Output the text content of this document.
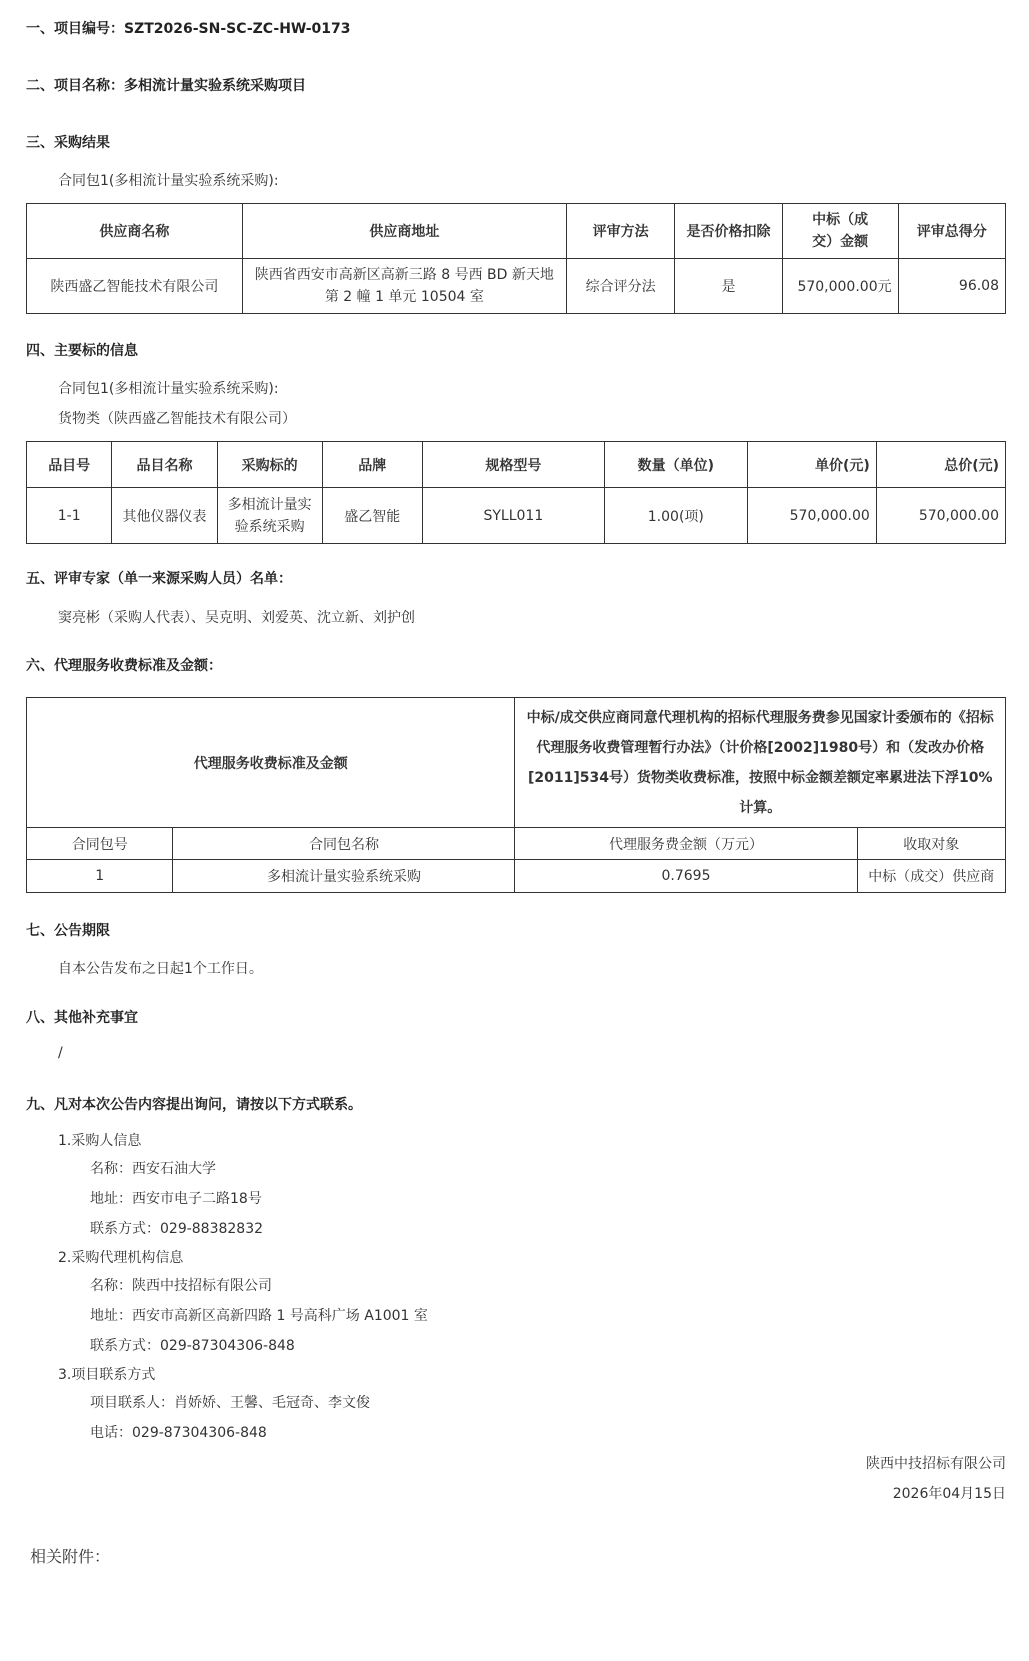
一、项目编号：SZT2026-SN-SC-ZC-HW-0173
二、项目名称：多相流计量实验系统采购项目
三、采购结果
合同包1(多相流计量实验系统采购):
供应商名称	供应商地址	评审方法	是否价格扣除	中标（成交）金额	评审总得分
陕西盛乙智能技术有限公司	陕西省西安市高新区高新三路 8 号西 BD 新天地第 2 幢 1 单元 10504 室	综合评分法	是	570,000.00元	96.08
四、主要标的信息
合同包1(多相流计量实验系统采购):
货物类（陕西盛乙智能技术有限公司）
品目号	品目名称	采购标的	品牌	规格型号	数量（单位)	单价(元)	总价(元)
1-1	其他仪器仪表	多相流计量实验系统采购	盛乙智能	SYLL011	1.00(项)	570,000.00	570,000.00
五、评审专家（单一来源采购人员）名单：
窦亮彬（采购人代表）、吴克明、刘爱英、沈立新、刘护创
六、代理服务收费标准及金额：
代理服务收费标准及金额		中标/成交供应商同意代理机构的招标代理服务费参见国家计委颁布的《招标代理服务收费管理暂行办法》（计价格[2002]1980号）和（发改办价格[2011]534号）货物类收费标准，按照中标金额差额定率累进法下浮10%计算。	
合同包号	合同包名称	代理服务费金额（万元）	收取对象
1	多相流计量实验系统采购	0.7695	中标（成交）供应商
七、公告期限
自本公告发布之日起1个工作日。
八、其他补充事宜
/
九、凡对本次公告内容提出询问，请按以下方式联系。
1.采购人信息
名称：西安石油大学
地址：西安市电子二路18号
联系方式：029-88382832
2.采购代理机构信息
名称：陕西中技招标有限公司
地址：西安市高新区高新四路 1 号高科广场 A1001 室
联系方式：029-87304306-848
3.项目联系方式
项目联系人：肖娇娇、王馨、毛冠奇、李文俊
电话：029-87304306-848
陕西中技招标有限公司
2026年04月15日
相关附件：
